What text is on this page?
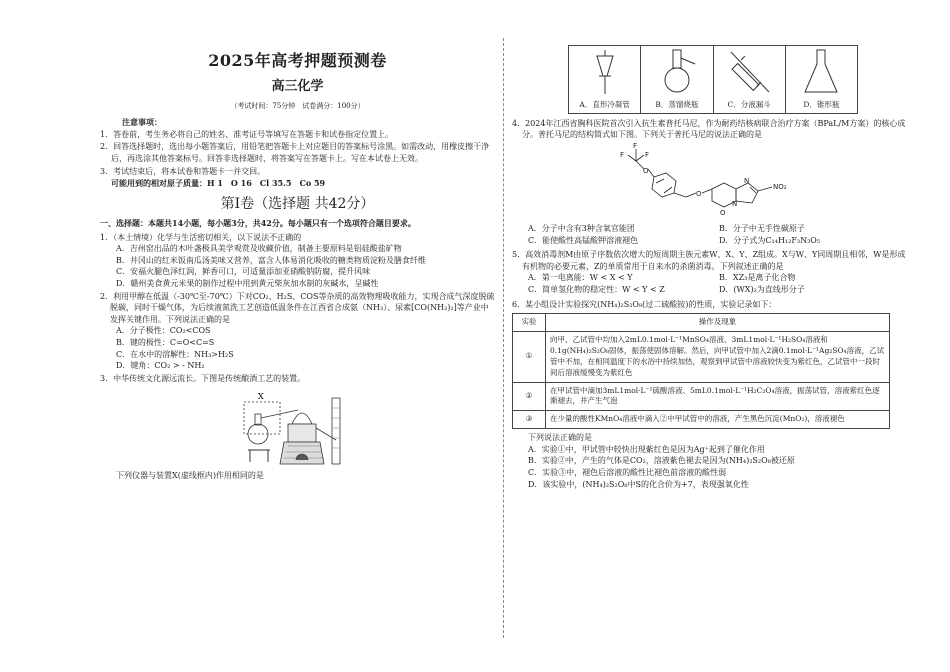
2025年高考押题预测卷
高三化学
（考试时间：75分钟　试卷满分：100分）
注意事项：

1．答卷前，考生务必将自己的姓名、准考证号等填写在答题卡和试卷指定位置上。

2．回答选择题时，选出每小题答案后，用铅笔把答题卡上对应题目的答案标号涂黑。如需改动，用橡皮擦干净后，再选涂其他答案标号。回答非选择题时，将答案写在答题卡上。写在本试卷上无效。

3．考试结束后，将本试卷和答题卡一并交回。

可能用到的相对原子质量：H 1　O 16　Cl 35.5　Co 59

第Ⅰ卷（选择题 共42分）
一、选择题：本题共14小题，每小题3分，共42分。每小题只有一个选项符合题目要求。
1．（本土情境）化学与生活密切相关，以下说法不正确的
A．吉州窑出品的木叶盏极具美学观赏及收藏价值，制备主要原料是铝硅酸盐矿物
B．井冈山的红米饭南瓜汤美味又营养，富含人体易消化吸收的糖类物质淀粉及膳食纤维
C．安福火腿色泽红润，鲜香可口，可适量添加亚硝酸钠防腐，提升风味
D．赣州美食黄元米果的制作过程中用到黄元柴灰加水制的灰碱水，呈碱性
2．利用甲醇在低温（-30℃至-70℃）下对CO₂、H₂S、COS等杂质的高效物理吸收能力，实现合成气深度脱硫脱碳，同时干燥气体，为后续液氮洗工艺创造低温条件在江西省合成氨（NH₃）、尿素[CO(NH₂)₂]等产业中发挥关键作用。下列说法正确的是
A．分子极性：CO₂<COS
B．键的极性：C=O<C=S
C．在水中的溶解性：NH₃>H₂S
D．键角：CO₂ > - NH₂
3．中华传统文化源远流长。下图是传统酿酒工艺的装置。
X
下列仪器与装置X(虚线框内)作用相同的是
A．直形冷凝管	B．蒸馏烧瓶	C．分液漏斗	D．锥形瓶
4．2024年江西省胸科医院首次引入抗生素普托马尼，作为耐药结核病联合治疗方案（BPaL/M方案）的核心成分。普托马尼的结构简式如下图。下列关于普托马尼的说法正确的是
F
F
F
O
O
O
N
N
NO₂
A．分子中含有3种含氧官能团	B．分子中无手性碳原子
C．能使酸性高锰酸钾溶液褪色	D．分子式为C₁₄H₁₂F₃N₃O₅
5．高效消毒剂M由原子序数依次增大的短周期主族元素W、X、Y、Z组成。X与W、Y同周期且相邻，W是形成有机物的必要元素，Z的单质常用于自来水的杀菌消毒。下列叙述正确的是
A．第一电离能：W < X < Y	B．XZ₃是离子化合物
C．简单氢化物的稳定性：W < Y < Z	D．(WX)₂为直线形分子
6．某小组设计实验探究(NH₄)₂S₂O₈(过二硫酸铵)的性质，实验记录如下：
实验	操作及现象
①	向甲、乙试管中均加入2mL0.1mol·L⁻¹MnSO₄溶液、3mL1mol·L⁻¹H₂SO₄溶液和0.1g(NH₄)₂S₂O₈固体，振荡使固体溶解。然后，向甲试管中加入2滴0.1mol·L⁻¹Ag₂SO₄溶液，乙试管中不加，在相同温度下的水浴中持续加热，观察到甲试管中溶液较快变为紫红色，乙试管中一段时间后溶液缓慢变为紫红色
②	在甲试管中滴加3mL1mol·L⁻¹硫酸溶液、5mL0.1mol·L⁻¹H₂C₂O₄溶液，振荡试管，溶液紫红色逐渐褪去，并产生气泡
③	在少量的酸性KMnO₄溶液中滴入②中甲试管中的溶液，产生黑色沉淀(MnO₂)，溶液褪色
下列说法正确的是
A．实验①中，甲试管中较快出现紫红色是因为Ag⁺起到了催化作用
B．实验②中，产生的气体是CO₂，溶液紫色褪去是因为(NH₄)₂S₂O₈被还原
C．实验③中，褪色后溶液的酸性比褪色前溶液的酸性弱
D．该实验中，(NH₄)₂S₂O₈中S的化合价为+7，表现强氧化性
